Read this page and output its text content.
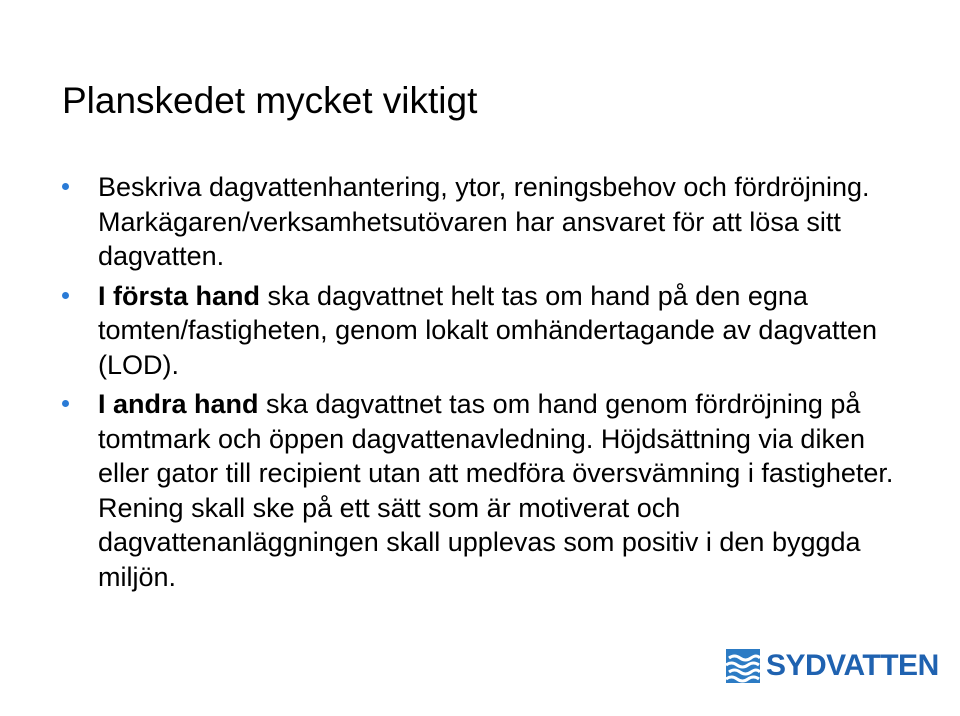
Planskedet mycket viktigt
Beskriva dagvattenhantering, ytor, reningsbehov och fördröjning. Markägaren/verksamhetsutövaren har ansvaret för att lösa sitt dagvatten.
I första hand ska dagvattnet helt tas om hand på den egna tomten/fastigheten, genom lokalt omhändertagande av dagvatten (LOD).
I andra hand ska dagvattnet tas om hand genom fördröjning på tomtmark och öppen dagvattenavledning. Höjdsättning via diken eller gator till recipient utan att medföra översvämning i fastigheter. Rening skall ske på ett sätt som är motiverat och dagvattenanläggningen skall upplevas som positiv i den byggda miljön.
SYDVATTEN
